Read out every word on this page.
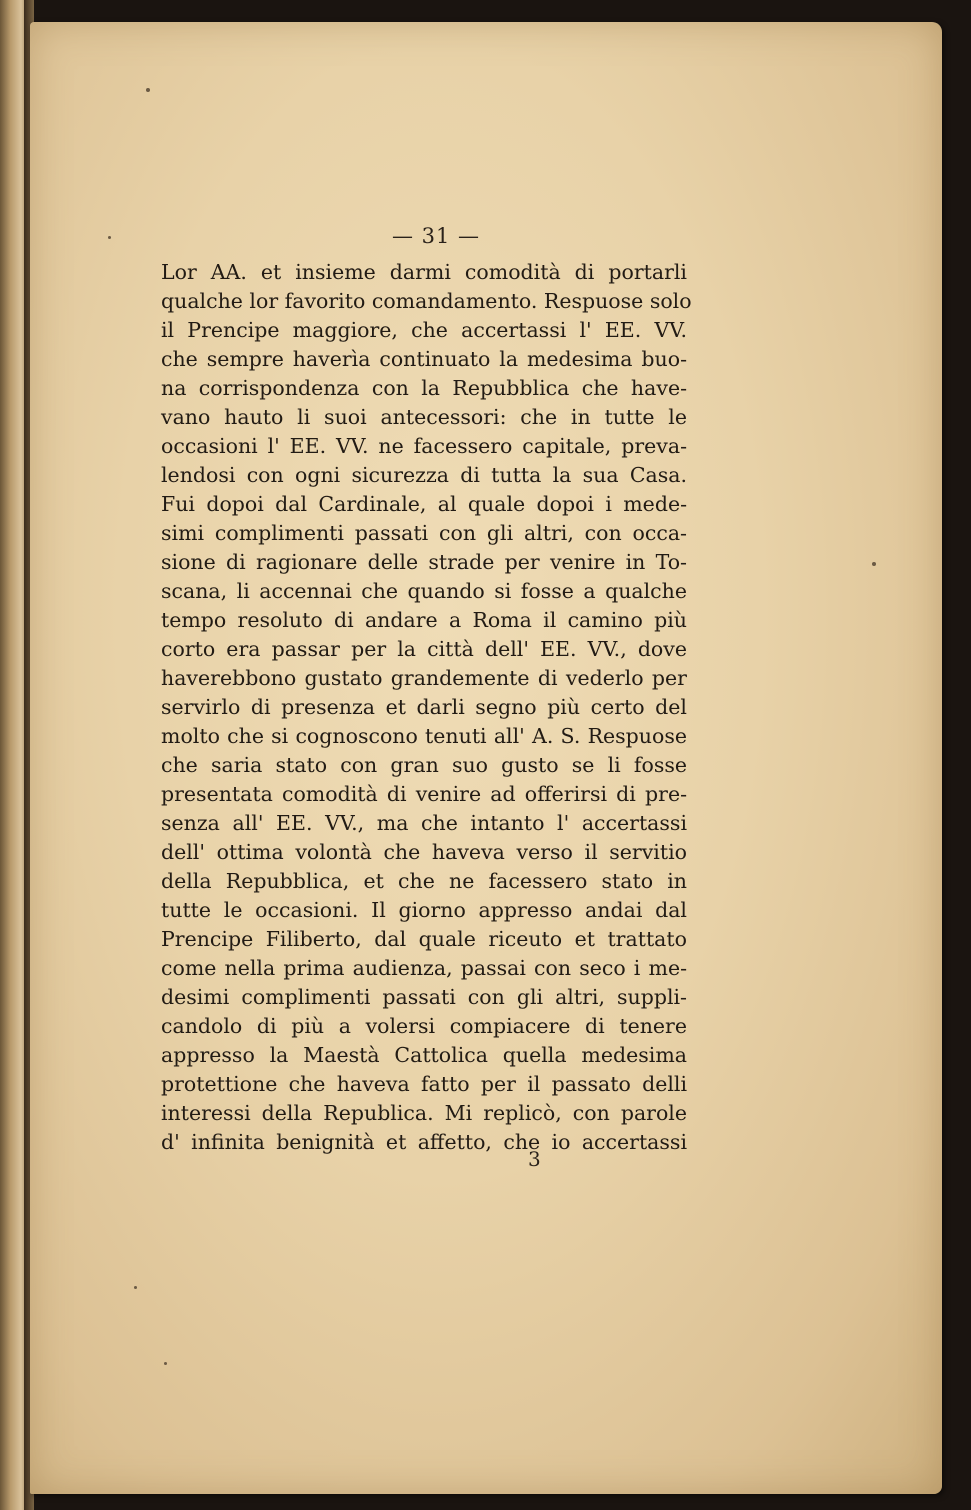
— 31 —
Lor AA. et insieme darmi comodità di portarli
qualche lor favorito comandamento. Respuose solo
il Prencipe maggiore, che accertassi l' EE. VV.
che sempre haverìa continuato la medesima buo-
na corrispondenza con la Repubblica che have-
vano hauto li suoi antecessori: che in tutte le
occasioni l' EE. VV. ne facessero capitale, preva-
lendosi con ogni sicurezza di tutta la sua Casa.
Fui dopoi dal Cardinale, al quale dopoi i mede-
simi complimenti passati con gli altri, con occa-
sione di ragionare delle strade per venire in To-
scana, li accennai che quando si fosse a qualche
tempo resoluto di andare a Roma il camino più
corto era passar per la città dell' EE. VV., dove
haverebbono gustato grandemente di vederlo per
servirlo di presenza et darli segno più certo del
molto che si cognoscono tenuti all' A. S. Respuose
che saria stato con gran suo gusto se li fosse
presentata comodità di venire ad offerirsi di pre-
senza all' EE. VV., ma che intanto l' accertassi
dell' ottima volontà che haveva verso il servitio
della Repubblica, et che ne facessero stato in
tutte le occasioni. Il giorno appresso andai dal
Prencipe Filiberto, dal quale riceuto et trattato
come nella prima audienza, passai con seco i me-
desimi complimenti passati con gli altri, suppli-
candolo di più a volersi compiacere di tenere
appresso la Maestà Cattolica quella medesima
protettione che haveva fatto per il passato delli
interessi della Republica. Mi replicò, con parole
d' infinita benignità et affetto, che io accertassi
3
